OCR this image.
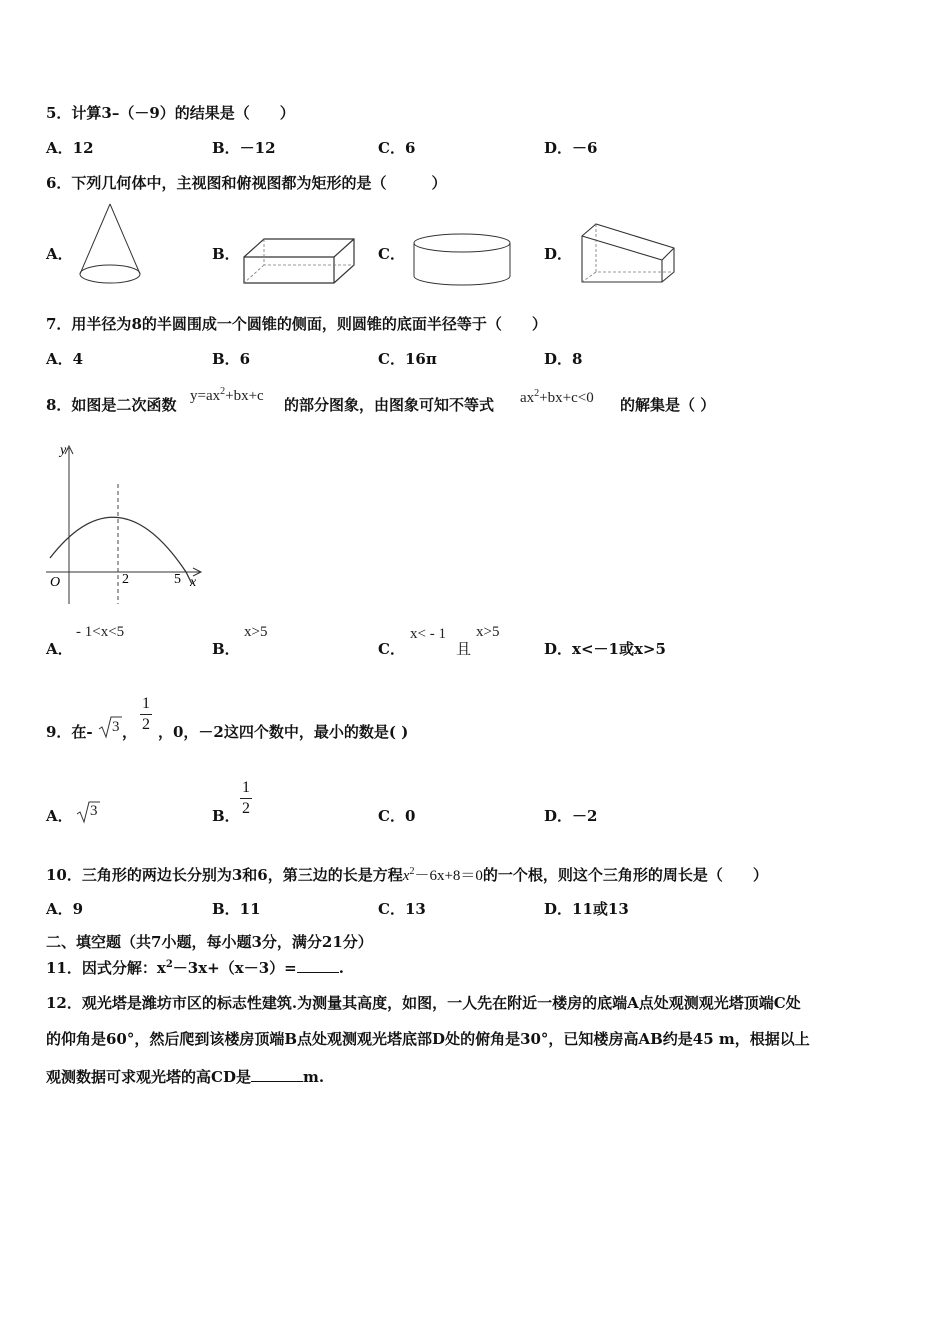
5．计算3–（－9）的结果是（　　）
A．12	B．－12	C．6	D．－6
6．下列几何体中，主视图和俯视图都为矩形的是（　　　）
A．	B．	C．	D．
7．用半径为8的半圆围成一个圆锥的侧面，则圆锥的底面半径等于（　　）
A．4	B．6	C．16π	D．8
8．如图是二次函数 $y=ax^2+bx+c$ 的部分图象，由图象可知不等式 $ax^2+bx+c<0$ 的解集是（ ）
y
O	2	5 x
A．
- 1<x<5
B．
x>5
C．
x< - 1
且
x>5
D．x<－1或x>5
9．在- 3 ， $\frac{1}{2}$ ，0，－2这四个数中，最小的数是( )
A． 3	B． $\frac{1}{2}$	C．0	D．－2
10．三角形的两边长分别为3和6，第三边的长是方程$x^2-6x+8=0$的一个根，则这个三角形的周长是（　　）
A．9	B．11	C．13	D．11或13
二、填空题（共7小题，每小题3分，满分21分）
11．因式分解：$x^2-3x+(x-3)=$	.
12．观光塔是潍坊市区的标志性建筑.为测量其高度，如图，一人先在附近一楼房的底端A点处观测观光塔顶端C处
的仰角是60°，然后爬到该楼房顶端B点处观测观光塔底部D处的俯角是30°，已知楼房高AB约是45 m，根据以上
观测数据可求观光塔的高CD是	m.
